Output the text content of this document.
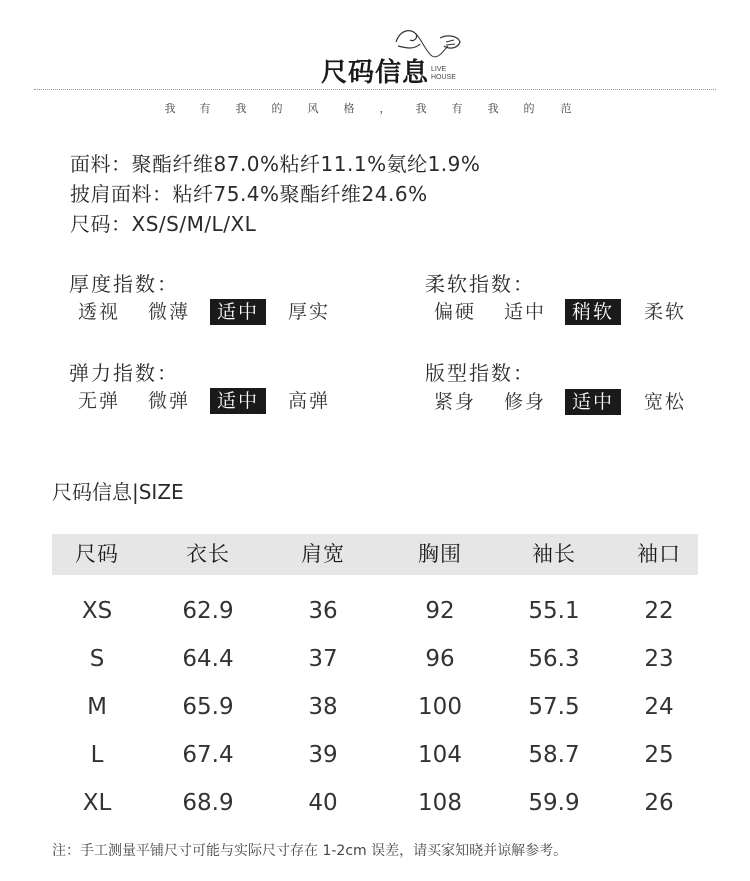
尺码信息 LIVE
HOUSE
我 有 我 的 风 格 ， 我 有 我 的 范
面料：聚酯纤维87.0%粘纤11.1%氨纶1.9%
披肩面料：粘纤75.4%聚酯纤维24.6%
尺码：XS/S/M/L/XL
厚度指数：	柔软指数：
弹力指数：	版型指数：
透视	微薄	适中	厚实	偏硬	适中	稍软	柔软
无弹	微弹	适中	高弹	紧身	修身	适中	宽松
尺码信息|SIZE
尺码	衣长	肩宽	胸围	袖长	袖口
XS	62.9	36	92	55.1	22
S	64.4	37	96	56.3	23
M	65.9	38	100	57.5	24
L	67.4	39	104	58.7	25
XL	68.9	40	108	59.9	26
注：手工测量平铺尺寸可能与实际尺寸存在 1-2cm 误差，请买家知晓并谅解参考。
